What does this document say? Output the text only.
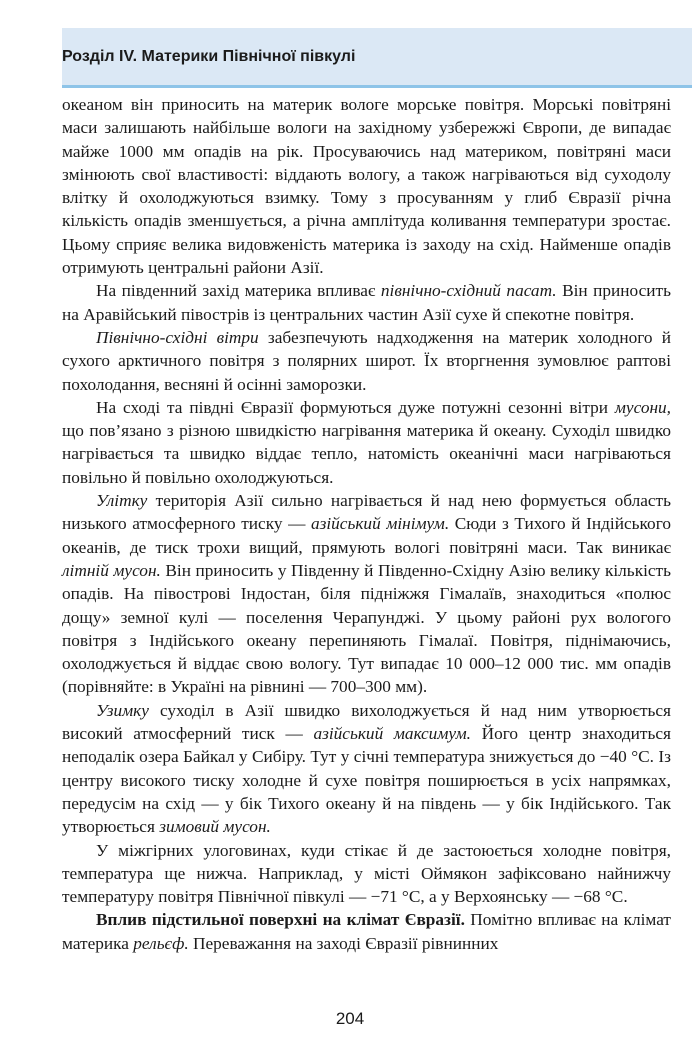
Розділ IV. Материки Північної півкулі

океаном він приносить на материк вологе морське повітря. Морські повітряні маси залишають найбільше вологи на західному узбережжі Європи, де випадає майже 1000 мм опадів на рік. Просуваючись над материком, повітряні маси змінюють свої властивості: віддають вологу, а також нагріваються від суходолу влітку й охолоджуються взимку. Тому з просуванням у глиб Євразії річна кількість опадів зменшується, а річна амплітуда коливання температури зростає. Цьому сприяє велика видовженість материка із заходу на схід. Найменше опадів отримують центральні райони Азії.

На південний захід материка впливає північно-східний пасат. Він приносить на Аравійський півострів із центральних частин Азії сухе й спекотне повітря.

Північно-східні вітри забезпечують надходження на материк холодного й сухого арктичного повітря з полярних широт. Їх вторгнення зумовлює раптові похолодання, весняні й осінні заморозки.

На сході та півдні Євразії формуються дуже потужні сезонні вітри мусони, що пов’язано з різною швидкістю нагрівання материка й океану. Суходіл швидко нагрівається та швидко віддає тепло, натомість океанічні маси нагріваються повільно й повільно охолоджуються.

Улітку територія Азії сильно нагрівається й над нею формується область низького атмосферного тиску — азійський мінімум. Сюди з Тихого й Індійського океанів, де тиск трохи вищий, прямують вологі повітряні маси. Так виникає літній мусон. Він приносить у Південну й Південно-Східну Азію велику кількість опадів. На півострові Індостан, біля підніжжя Гімалаїв, знаходиться «полюс дощу» земної кулі — поселення Черапунджі. У цьому районі рух вологого повітря з Індійського океану перепиняють Гімалаї. Повітря, піднімаючись, охолоджується й віддає свою вологу. Тут випадає 10 000–12 000 тис. мм опадів (порівняйте: в Україні на рівнині — 700–300 мм).

Узимку суходіл в Азії швидко вихолоджується й над ним утворюється високий атмосферний тиск — азійський максимум. Його центр знаходиться неподалік озера Байкал у Сибіру. Тут у січні температура знижується до −40 °С. Із центру високого тиску холодне й сухе повітря поширюється в усіх напрямках, передусім на схід — у бік Тихого океану й на південь — у бік Індійського. Так утворюється зимовий мусон.

У міжгірних улоговинах, куди стікає й де застоюється холодне повітря, температура ще нижча. Наприклад, у місті Оймякон зафіксовано найнижчу температуру повітря Північної півкулі — −71 °С, а у Верхоянську — −68 °С.

Вплив підстильної поверхні на клімат Євразії. Помітно впливає на клімат материка рельєф. Переважання на заході Євразії рівнинних

204
